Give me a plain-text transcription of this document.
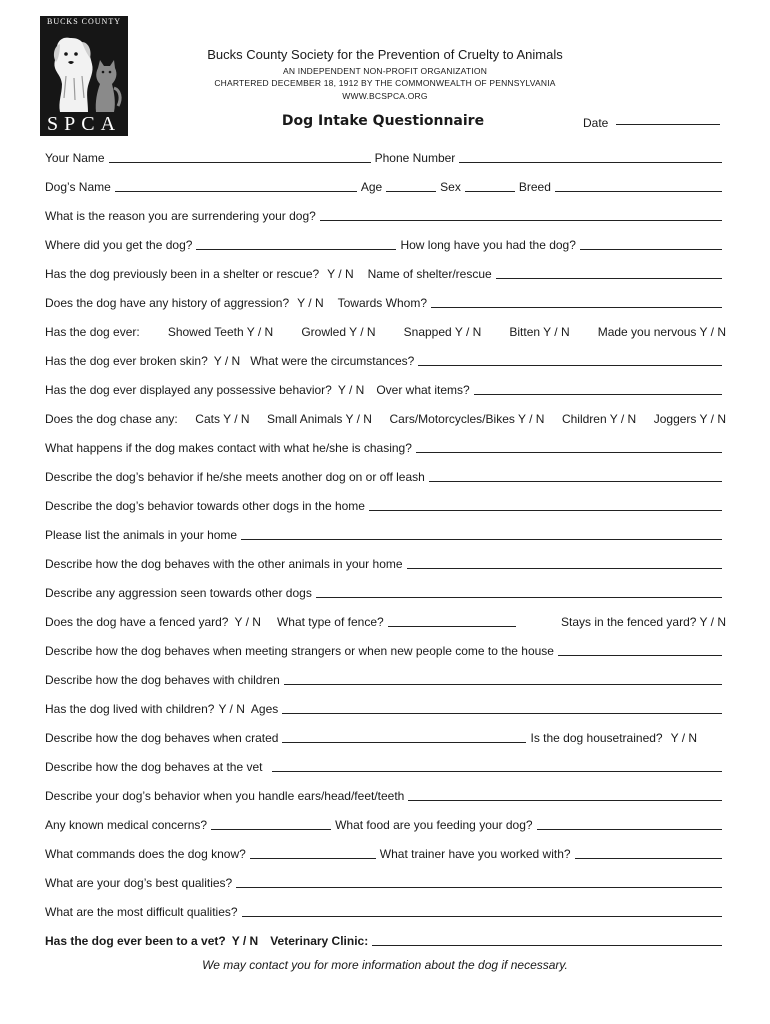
BUCKS COUNTY
SPCA
Bucks County Society for the Prevention of Cruelty to Animals
AN INDEPENDENT NON-PROFIT ORGANIZATION
CHARTERED DECEMBER 18, 1912 BY THE COMMONWEALTH OF PENNSYLVANIA
WWW.BCSPCA.ORG
Dog Intake Questionnaire	Date
Your Name	Phone Number
Dog’s Name	Age	Sex	Breed
What is the reason you are surrendering your dog?
Where did you get the dog?	How long have you had the dog?
Has the dog previously been in a shelter or rescue? Y / N Name of shelter/rescue
Does the dog have any history of aggression? Y / N Towards Whom?
Has the dog ever: Showed Teeth Y / N Growled Y / N Snapped Y / N Bitten Y / N Made you nervous Y / N
Has the dog ever broken skin? Y / N What were the circumstances?
Has the dog ever displayed any possessive behavior? Y / N Over what items?
Does the dog chase any: Cats Y / N Small Animals Y / N Cars/Motorcycles/Bikes Y / N Children Y / N Joggers Y / N
What happens if the dog makes contact with what he/she is chasing?
Describe the dog’s behavior if he/she meets another dog on or off leash
Describe the dog’s behavior towards other dogs in the home
Please list the animals in your home
Describe how the dog behaves with the other animals in your home
Describe any aggression seen towards other dogs
Does the dog have a fenced yard? Y / N What type of fence?	Stays in the fenced yard? Y / N
Describe how the dog behaves when meeting strangers or when new people come to the house
Describe how the dog behaves with children
Has the dog lived with children? Y / N Ages
Describe how the dog behaves when crated	Is the dog housetrained? Y / N
Describe how the dog behaves at the vet
Describe your dog’s behavior when you handle ears/head/feet/teeth
Any known medical concerns?	What food are you feeding your dog?
What commands does the dog know?	What trainer have you worked with?
What are your dog’s best qualities?
What are the most difficult qualities?
Has the dog ever been to a vet? Y / N Veterinary Clinic:
We may contact you for more information about the dog if necessary.
